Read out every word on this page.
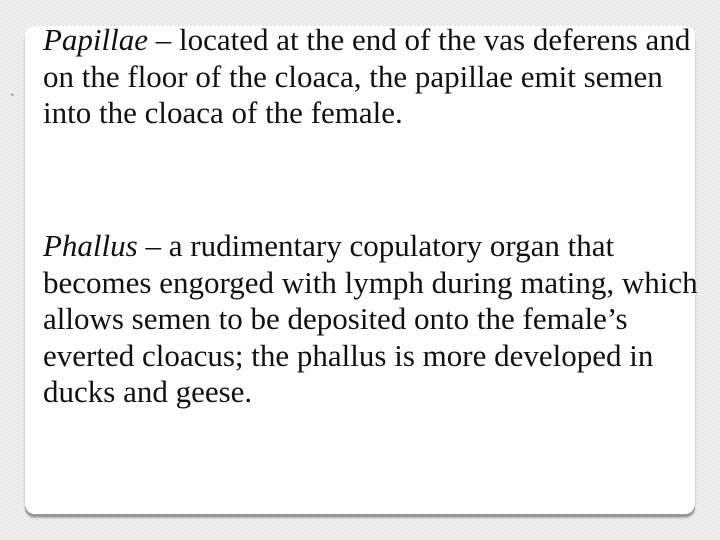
`

Papillae – located at the end of the vas deferens and on the floor of the cloaca, the papillae emit semen into the cloaca of the female.

Phallus – a rudimentary copulatory organ that becomes engorged with lymph during mating, which allows semen to be deposited onto the female’s everted cloacus; the phallus is more developed in ducks and geese.
